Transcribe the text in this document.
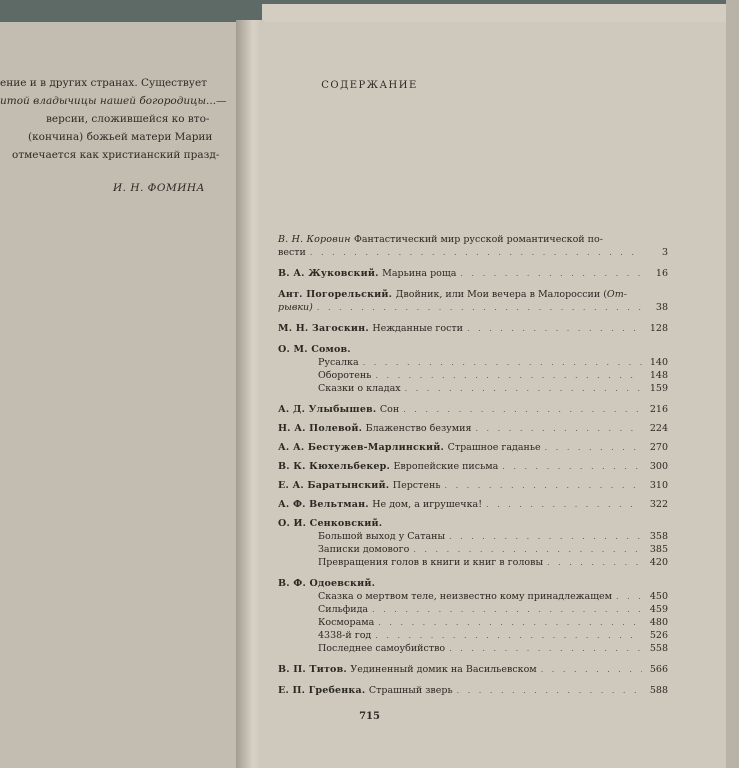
ение и в других странах. Существует
итой владычицы нашей богородицы...—
версии, сложившейся ко вто-
(кончина) божьей матери Марии
отмечается как христианский празд-
И. Н. ФОМИНА
СОДЕРЖАНИЕ
В. Н. Коровин Фантастический мир русской романтической по-
вести . . .	3
В. А. Жуковский. Марьина роща . . .	16
Ант. Погорельский. Двойник, или Мои вечера в Малороссии (От-
рывки) . . .	38
М. Н. Загоскин. Нежданные гости . . .	128
О. М. Сомов.
Русалка . . .	140
Оборотень . . .	148
Сказки о кладах . . .	159
А. Д. Улыбышев. Сон . . .	216
Н. А. Полевой. Блаженство безумия . . .	224
А. А. Бестужев-Марлинский. Страшное гаданье . . .	270
В. К. Кюхельбекер. Европейские письма . . .	300
Е. А. Баратынский. Перстень . . .	310
А. Ф. Вельтман. Не дом, а игрушечка! . . .	322
О. И. Сенковский.
Большой выход у Сатаны . . .	358
Записки домового . . .	385
Превращения голов в книги и книг в головы . . .	420
В. Ф. Одоевский.
Сказка о мертвом теле, неизвестно кому принадлежащем . . .	450
Сильфида . . .	459
Косморама . . .	480
4338-й год . . .	526
Последнее самоубийство . . .	558
В. П. Титов. Уединенный домик на Васильевском . . .	566
Е. П. Гребенка. Страшный зверь . . .	588
715
